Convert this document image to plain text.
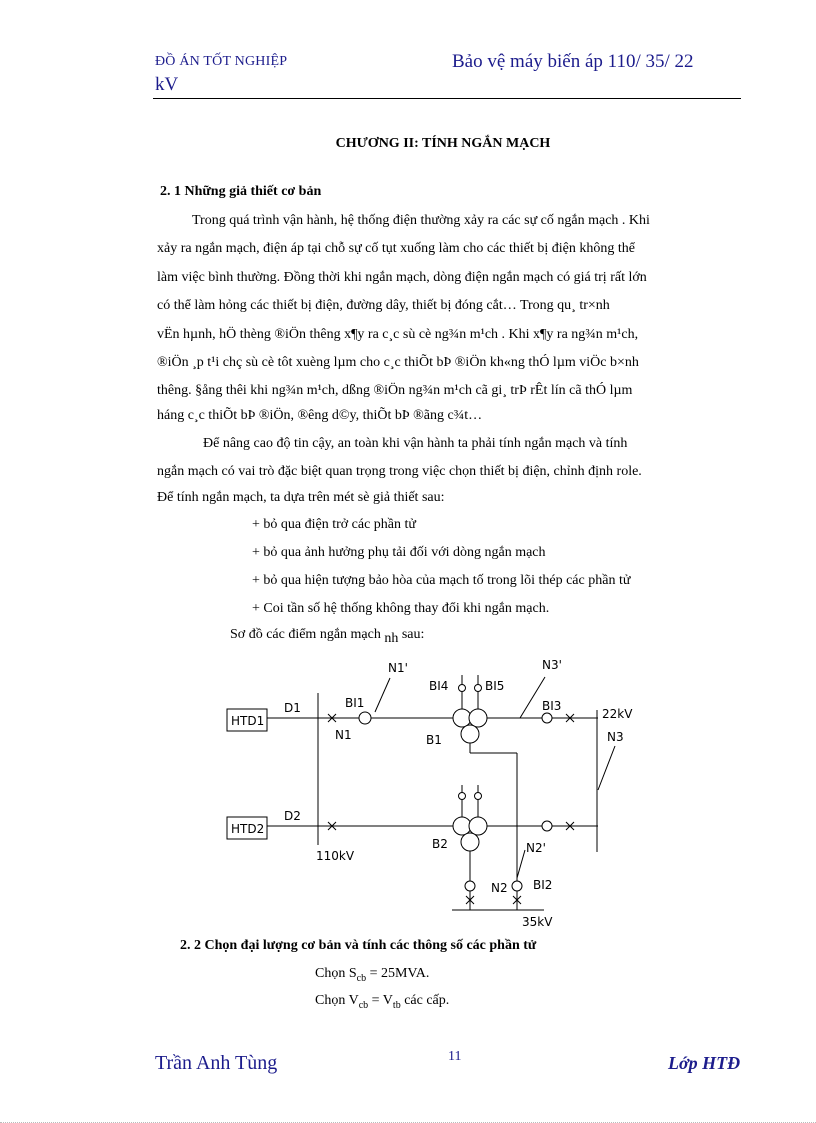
ĐỒ ÁN TỐT NGHIỆP	Bảo vệ máy biến áp 110/ 35/ 22
kV
CHƯƠNG II: TÍNH NGẮN MẠCH
2. 1 Những giả thiết cơ bản
Trong quá trình vận hành, hệ thống điện thường xảy ra các sự cố ngắn mạch . Khi
xảy ra ngắn mạch, điện áp tại chỗ sự cố tụt xuống làm cho các thiết bị điện không thể
làm việc bình thường. Đồng thời khi ngắn mạch, dòng điện ngắn mạch có giá trị rất lớn
có thể làm hỏng các thiết bị điện, đường dây, thiết bị đóng cắt… Trong qu¸ tr×nh
vËn hµnh, hÖ thèng ®iÖn thêng x¶y ra c¸c sù cè ng¾n m¹ch . Khi x¶y ra ng¾n m¹ch,
®iÖn ¸p t¹i chç sù cè tôt xuèng lµm cho c¸c thiÕt bÞ ®iÖn kh«ng thÓ lµm viÖc b×nh
thêng. §ång thêi khi ng¾n m¹ch, dßng ®iÖn ng¾n m¹ch cã gi¸ trÞ rÊt lín cã thÓ lµm
háng c¸c thiÕt bÞ ®iÖn, ®êng d©y, thiÕt bÞ ®ãng c¾t…
Để nâng cao độ tin cậy, an toàn khi vận hành ta phải tính ngắn mạch và tính
ngắn mạch có vai trò đặc biệt quan trọng trong việc chọn thiết bị điện, chỉnh định role.
Để tính ngắn mạch, ta dựa trên mét sè giả thiết sau:
+ bỏ qua điện trở các phần tử
+ bỏ qua ảnh hưởng phụ tải đối với dòng ngắn mạch
+ bỏ qua hiện tượng bảo hòa của mạch tố trong lõi thép các phần tử
+ Coi tần số hệ thống không thay đổi khi ngắn mạch.
Sơ đồ các điểm ngắn mạch nh sau:
HTD1
HTD2
D1
D2
110kV
N1
BI1
N1'
B1
BI4	BI5
N3'
BI3
22kV
N3
B2
BI2
N2'
N2
35kV
2. 2 Chọn đại lượng cơ bản và tính các thông số các phần tử
Chọn $S_{cb} = 25MVA$.
Chọn $V_{cb} = V_{tb}$ các cấp.
Trần Anh Tùng	11	Lớp HTĐ
